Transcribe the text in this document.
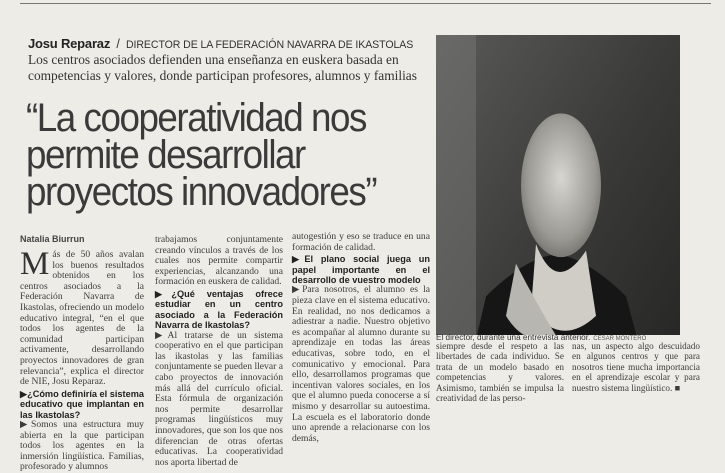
Josu Reparaz / DIRECTOR DE LA FEDERACIÓN NAVARRA DE IKASTOLAS
Los centros asociados defienden una enseñanza en euskera basada en competencias y valores, donde participan profesores, alumnos y familias
“La cooperatividad nos permite desarrollar proyectos innovadores”
Natalia Biurrun

Más de 50 años avalan los buenos resultados obtenidos en los centros asociados a la Federación Navarra de Ikastolas, ofreciendo un modelo educativo integral, “en el que todos los agentes de la comunidad participan activamente, desarrollando proyectos innovadores de gran relevancia”, explica el director de NIE, Josu Reparaz.

▶¿Cómo definiría el sistema educativo que implantan en las Ikastolas?

▶Somos una estructura muy abierta en la que participan todos los agentes en la inmersión lingüística. Familias, profesorado y alumnos

trabajamos conjuntamente creando vínculos a través de los cuales nos permite compartir experiencias, alcanzando una formación en euskera de calidad.

▶¿Qué ventajas ofrece estudiar en un centro asociado a la Federación Navarra de Ikastolas?

▶Al tratarse de un sistema cooperativo en el que participan las ikastolas y las familias conjuntamente se pueden llevar a cabo proyectos de innovación más allá del currículo oficial. Esta fórmula de organización nos permite desarrollar programas lingüísticos muy innovadores, que son los que nos diferencian de otras ofertas educativas. La cooperatividad nos aporta libertad de

autogestión y eso se traduce en una formación de calidad.

▶El plano social juega un papel importante en el desarrollo de vuestro modelo

▶Para nosotros, el alumno es la pieza clave en el sistema educativo. En realidad, no nos dedicamos a adiestrar a nadie. Nuestro objetivo es acompañar al alumno durante su aprendizaje en todas las áreas educativas, sobre todo, en el comunicativo y emocional. Para ello, desarrollamos programas que incentivan valores sociales, en los que el alumno pueda conocerse a sí mismo y desarrollar su autoestima. La escuela es el laboratorio donde uno aprende a relacionarse con los demás,

El director, durante una entrevista anterior. CESAR MONTERO

siempre desde el respeto a las libertades de cada individuo. Se trata de un modelo basado en competencias y valores. Asimismo, también se impulsa la creatividad de las perso-

nas, un aspecto algo descuidado en algunos centros y que para nosotros tiene mucha importancia en el aprendizaje escolar y para nuestro sistema lingüístico. ■
